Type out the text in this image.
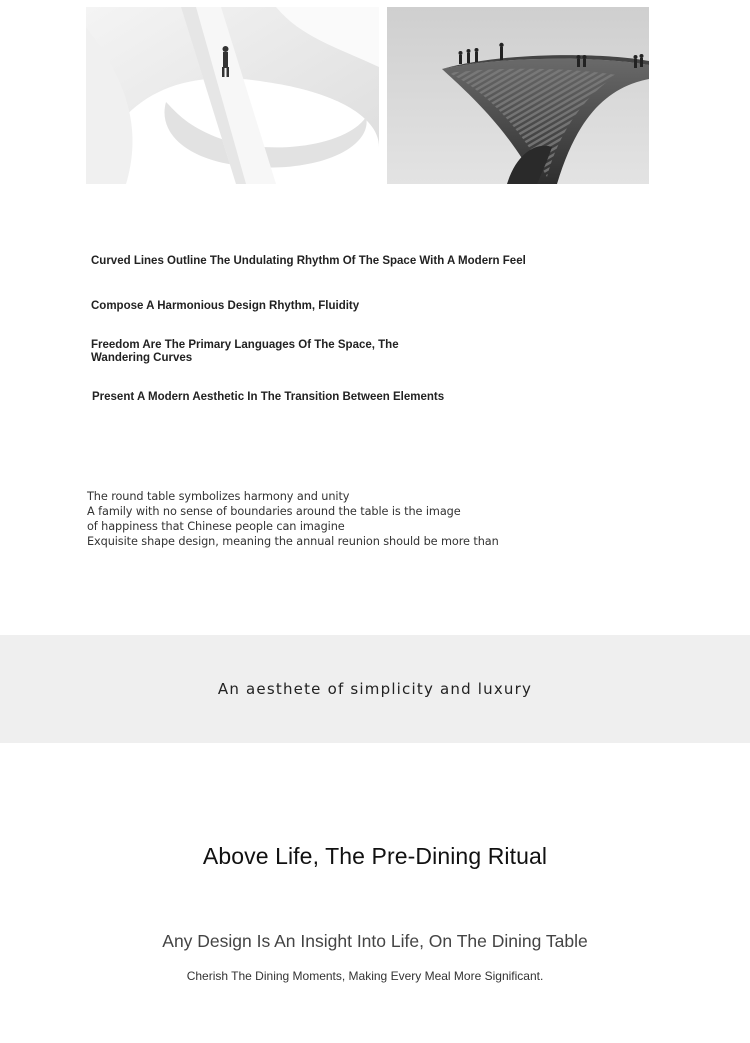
Curved Lines Outline The Undulating Rhythm Of The Space With A Modern Feel

Compose A Harmonious Design Rhythm, Fluidity

Freedom Are The Primary Languages Of The Space, The
Wandering Curves

Present A Modern Aesthetic In The Transition Between Elements

The round table symbolizes harmony and unity
A family with no sense of boundaries around the table is the image
of happiness that Chinese people can imagine
Exquisite shape design, meaning the annual reunion should be more than
An aesthete of simplicity and luxury
Above Life, The Pre-Dining Ritual
Any Design Is An Insight Into Life, On The Dining Table
Cherish The Dining Moments, Making Every Meal More Significant.
